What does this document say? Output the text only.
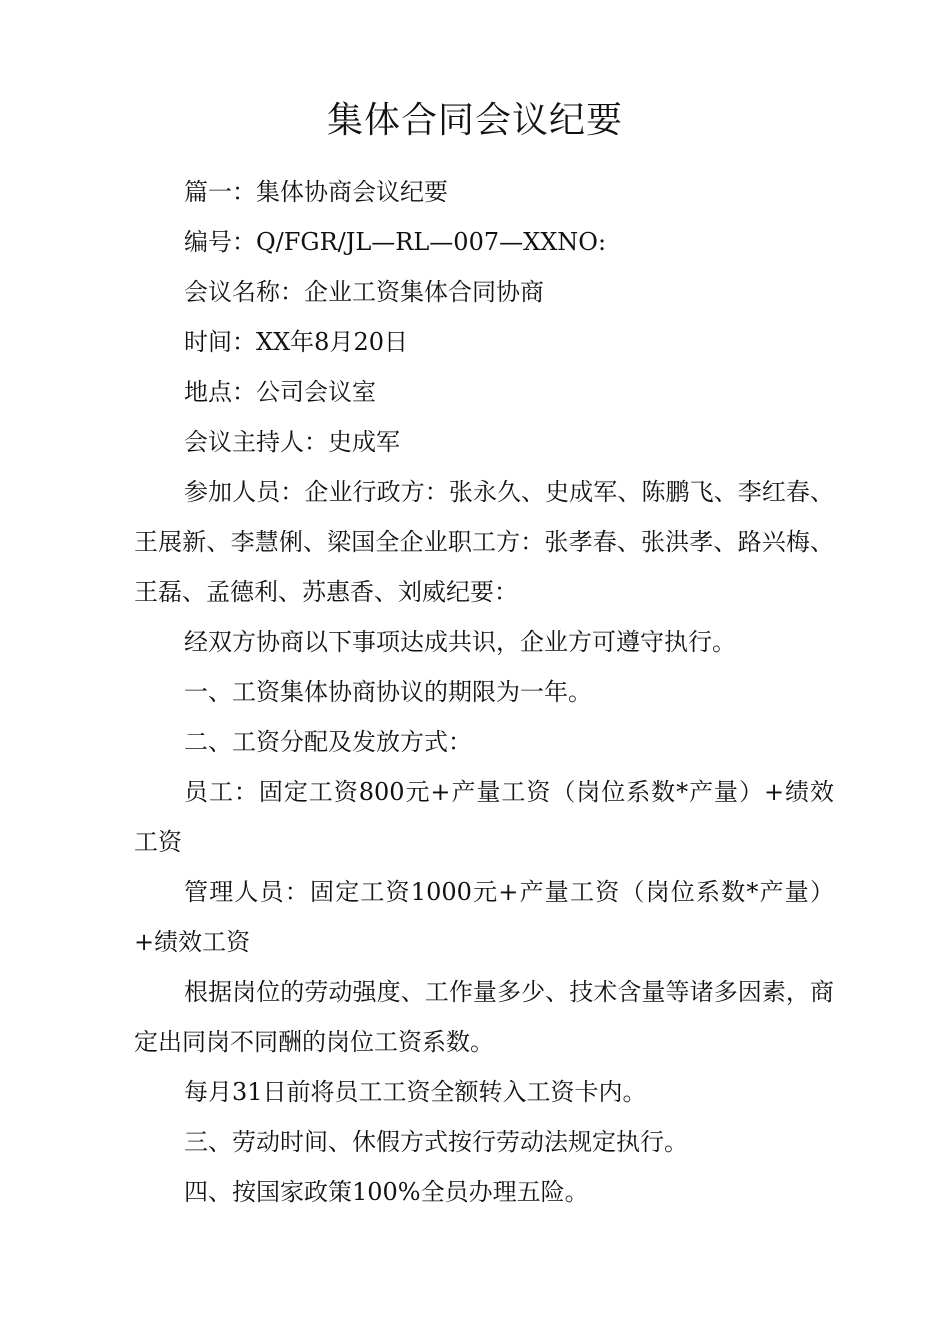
集体合同会议纪要

篇一：集体协商会议纪要

编号：Q/FGR/JL—RL—007—XXNO:

会议名称：企业工资集体合同协商

时间：XX年8月20日

地点：公司会议室

会议主持人：史成军

参加人员：企业行政方：张永久、史成军、陈鹏飞、李红春、王展新、李慧俐、梁国全企业职工方：张孝春、张洪孝、路兴梅、王磊、孟德利、苏惠香、刘威纪要：

经双方协商以下事项达成共识，企业方可遵守执行。

一、工资集体协商协议的期限为一年。

二、工资分配及发放方式：

员工：固定工资800元+产量工资（岗位系数*产量）+绩效工资

管理人员：固定工资1000元+产量工资（岗位系数*产量）+绩效工资

根据岗位的劳动强度、工作量多少、技术含量等诸多因素，商定出同岗不同酬的岗位工资系数。

每月31日前将员工工资全额转入工资卡内。

三、劳动时间、休假方式按行劳动法规定执行。

四、按国家政策100%全员办理五险。
